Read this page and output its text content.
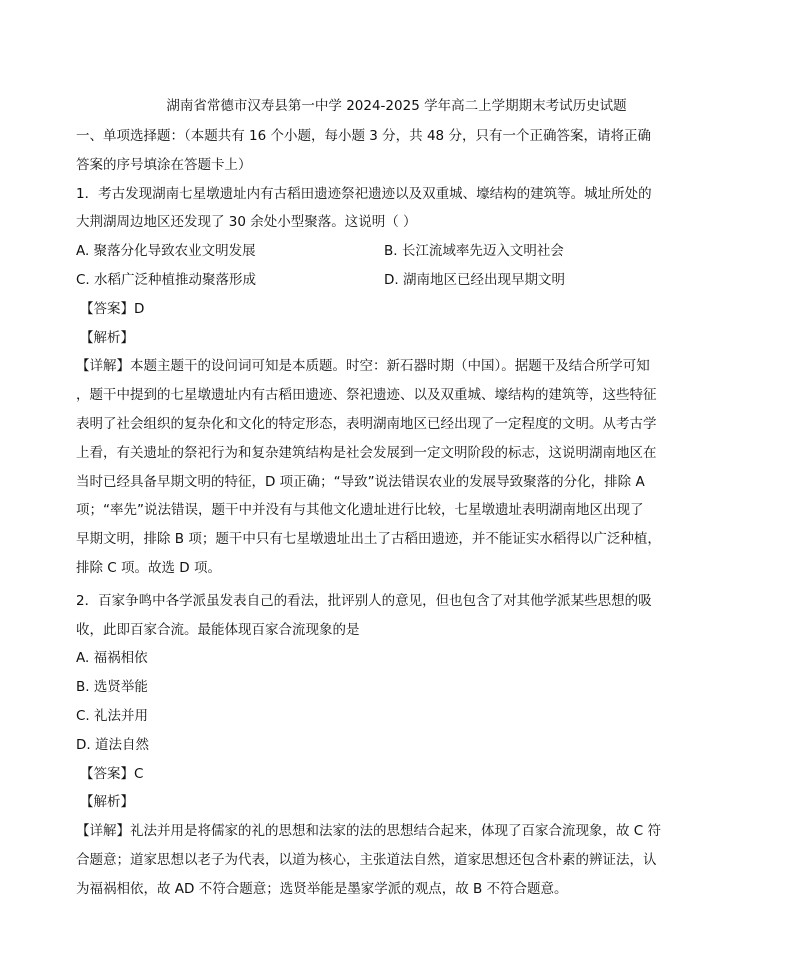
湖南省常德市汉寿县第一中学 2024-2025 学年高二上学期期末考试历史试题

一、单项选择题：（本题共有 16 个小题，每小题 3 分，共 48 分，只有一个正确答案，请将正确

答案的序号填涂在答题卡上）

1．考古发现湖南七星墩遗址内有古稻田遗迹祭祀遗迹以及双重城、壕结构的建筑等。城址所处的

大荆湖周边地区还发现了 30 余处小型聚落。这说明（ ）

A. 聚落分化导致农业文明发展	B. 长江流域率先迈入文明社会
C. 水稻广泛种植推动聚落形成	D. 湖南地区已经出现早期文明

【答案】D

【解析】

【详解】本题主题干的设问词可知是本质题。时空：新石器时期（中国）。据题干及结合所学可知

，题干中提到的七星墩遗址内有古稻田遗迹、祭祀遗迹、以及双重城、壕结构的建筑等，这些特征

表明了社会组织的复杂化和文化的特定形态，表明湖南地区已经出现了一定程度的文明。从考古学

上看，有关遗址的祭祀行为和复杂建筑结构是社会发展到一定文明阶段的标志，这说明湖南地区在

当时已经具备早期文明的特征，D 项正确；“导致”说法错误农业的发展导致聚落的分化，排除 A

项；“率先”说法错误，题干中并没有与其他文化遗址进行比较，七星墩遗址表明湖南地区出现了

早期文明，排除 B 项；题干中只有七星墩遗址出土了古稻田遗迹，并不能证实水稻得以广泛种植，

排除 C 项。故选 D 项。

2．百家争鸣中各学派虽发表自己的看法，批评别人的意见，但也包含了对其他学派某些思想的吸

收，此即百家合流。最能体现百家合流现象的是

A. 福祸相依

B. 选贤举能

C. 礼法并用

D. 道法自然

【答案】C

【解析】

【详解】礼法并用是将儒家的礼的思想和法家的法的思想结合起来，体现了百家合流现象，故 C 符

合题意；道家思想以老子为代表，以道为核心，主张道法自然，道家思想还包含朴素的辨证法，认

为福祸相依，故 AD 不符合题意；选贤举能是墨家学派的观点，故 B 不符合题意。
